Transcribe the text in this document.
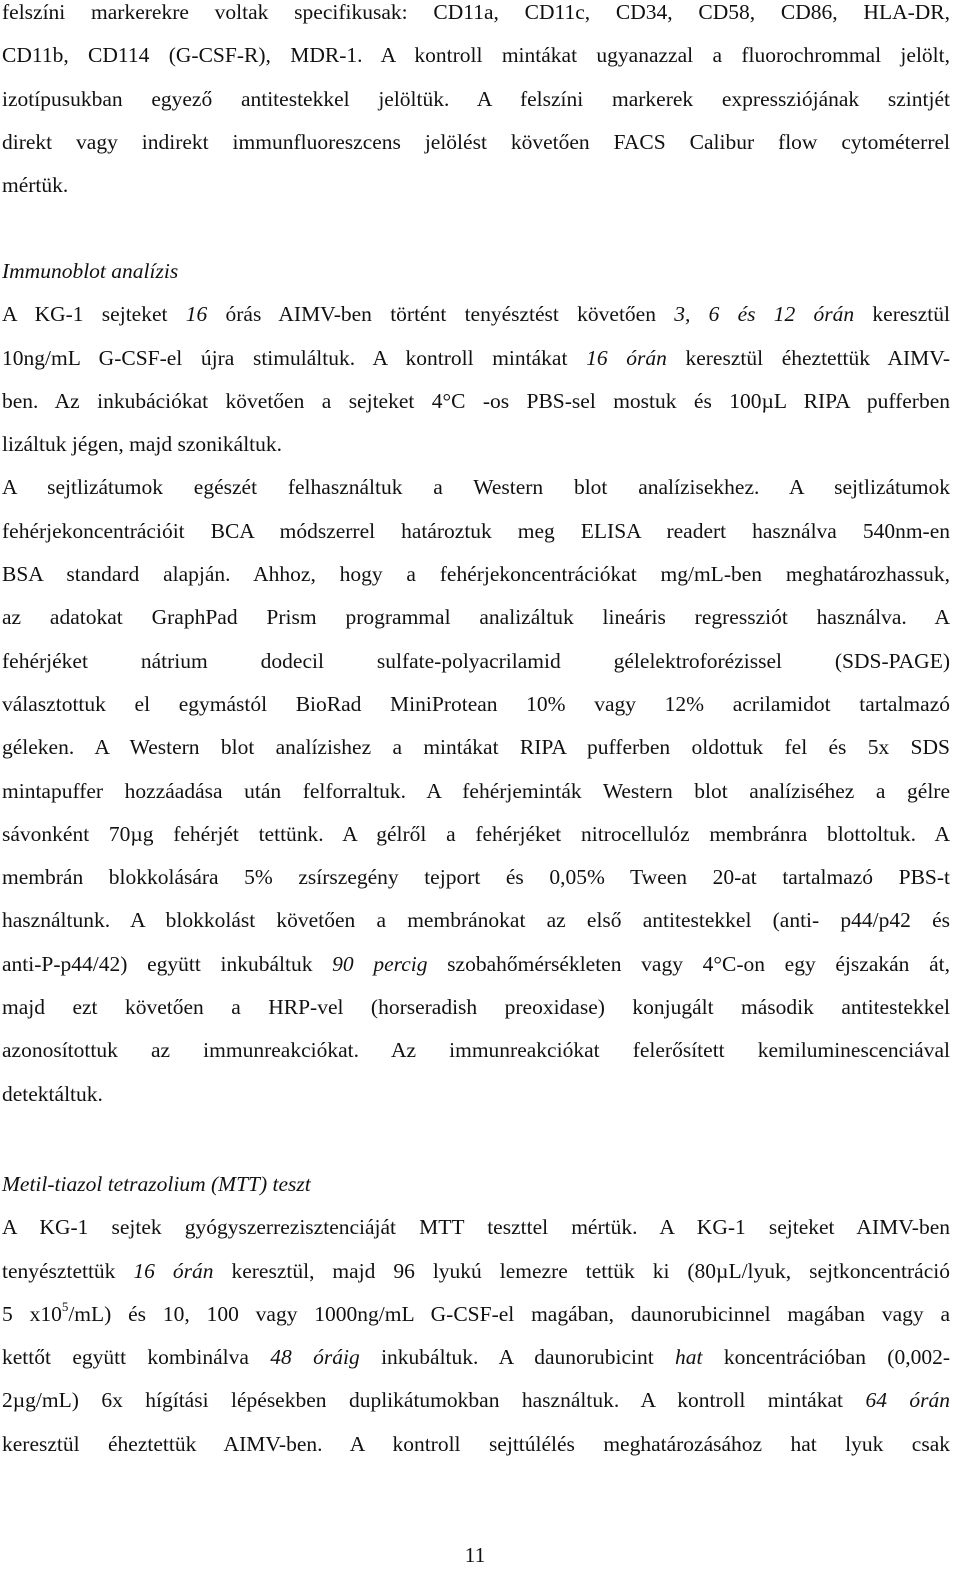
felszíni markerekre voltak specifikusak: CD11a, CD11c, CD34, CD58, CD86, HLA-DR,
CD11b, CD114 (G-CSF-R), MDR-1. A kontroll mintákat ugyanazzal a fluorochrommal jelölt,
izotípusukban egyező antitestekkel jelöltük. A felszíni markerek expressziójának szintjét
direkt vagy indirekt immunfluoreszcens jelölést követően FACS Calibur flow cytométerrel
mértük.
Immunoblot analízis
A KG-1 sejteket 16 órás AIMV-ben történt tenyésztést követően 3, 6 és 12 órán keresztül
10ng/mL G-CSF-el újra stimuláltuk. A kontroll mintákat 16 órán keresztül éheztettük AIMV-
ben. Az inkubációkat követően a sejteket 4°C -os PBS-sel mostuk és 100µL RIPA pufferben
lizáltuk jégen, majd szonikáltuk.
A sejtlizátumok egészét felhasználtuk a Western blot analízisekhez. A sejtlizátumok
fehérjekoncentrációit BCA módszerrel határoztuk meg ELISA readert használva 540nm-en
BSA standard alapján. Ahhoz, hogy a fehérjekoncentrációkat mg/mL-ben meghatározhassuk,
az adatokat GraphPad Prism programmal analizáltuk lineáris regressziót használva. A
fehérjéket nátrium dodecil sulfate-polyacrilamid gélelektroforézissel (SDS-PAGE)
választottuk el egymástól BioRad MiniProtean 10% vagy 12% acrilamidot tartalmazó
géleken. A Western blot analízishez a mintákat RIPA pufferben oldottuk fel és 5x SDS
mintapuffer hozzáadása után felforraltuk. A fehérjeminták Western blot analíziséhez a gélre
sávonként 70µg fehérjét tettünk. A gélről a fehérjéket nitrocellulóz membránra blottoltuk. A
membrán blokkolására 5% zsírszegény tejport és 0,05% Tween 20-at tartalmazó PBS-t
használtunk. A blokkolást követően a membránokat az első antitestekkel (anti- p44/p42 és
anti-P-p44/42) együtt inkubáltuk 90 percig szobahőmérsékleten vagy 4°C-on egy éjszakán át,
majd ezt követően a HRP-vel (horseradish preoxidase) konjugált második antitestekkel
azonosítottuk az immunreakciókat. Az immunreakciókat felerősített kemiluminescenciával
detektáltuk.
Metil-tiazol tetrazolium (MTT) teszt
A KG-1 sejtek gyógyszerrezisztenciáját MTT teszttel mértük. A KG-1 sejteket AIMV-ben
tenyésztettük 16 órán keresztül, majd 96 lyukú lemezre tettük ki (80µL/lyuk, sejtkoncentráció
5 $x10^5/mL$) és 10, 100 vagy 1000ng/mL G-CSF-el magában, daunorubicinnel magában vagy a
kettőt együtt kombinálva 48 óráig inkubáltuk. A daunorubicint hat koncentrációban (0,002-
2µg/mL) 6x hígítási lépésekben duplikátumokban használtuk. A kontroll mintákat 64 órán
keresztül éheztettük AIMV-ben. A kontroll sejttúlélés meghatározásához hat lyuk csak
11
